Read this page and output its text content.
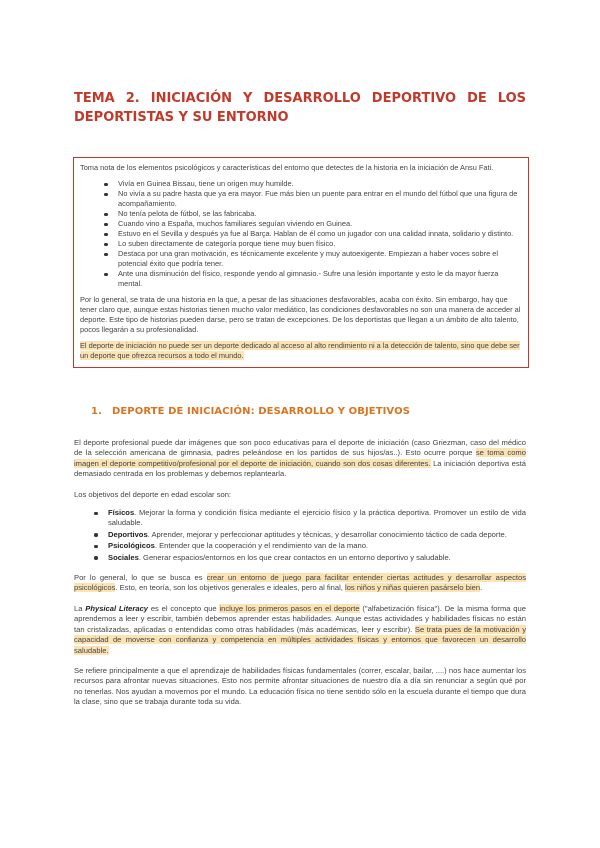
TEMA 2. INICIACIÓN Y DESARROLLO DEPORTIVO DE LOS DEPORTISTAS Y SU ENTORNO

Toma nota de los elementos psicológicos y características del entorno que detectes de la historia en la iniciación de Ansu Fati.

Vivía en Guinea Bissau, tiene un origen muy humilde.
No vivía a su padre hasta que ya era mayor. Fue más bien un puente para entrar en el mundo del fútbol que una figura de acompañamiento.
No tenía pelota de fútbol, se las fabricaba.
Cuando vino a España, muchos familiares seguían viviendo en Guinea.
Estuvo en el Sevilla y después ya fue al Barça. Hablan de él como un jugador con una calidad innata, solidario y distinto.
Lo suben directamente de categoría porque tiene muy buen físico.
Destaca por una gran motivación, es técnicamente excelente y muy autoexigente. Empiezan a haber voces sobre el potencial éxito que podría tener.
Ante una disminución del físico, responde yendo al gimnasio.- Sufre una lesión importante y esto le da mayor fuerza mental.

Por lo general, se trata de una historia en la que, a pesar de las situaciones desfavorables, acaba con éxito. Sin embargo, hay que tener claro que, aunque estas historias tienen mucho valor mediático, las condiciones desfavorables no son una manera de acceder al deporte. Este tipo de historias pueden darse, pero se tratan de excepciones. De los deportistas que llegan a un ámbito de alto talento, pocos llegarán a su profesionalidad.

El deporte de iniciación no puede ser un deporte dedicado al acceso al alto rendimiento ni a la detección de talento, sino que debe ser un deporte que ofrezca recursos a todo el mundo.

1. DEPORTE DE INICIACIÓN: DESARROLLO Y OBJETIVOS

El deporte profesional puede dar imágenes que son poco educativas para el deporte de iniciación (caso Griezman, caso del médico de la selección americana de gimnasia, padres peleándose en los partidos de sus hijos/as..). Esto ocurre porque se toma como imagen el deporte competitivo/profesional por el deporte de iniciación, cuando son dos cosas diferentes. La iniciación deportiva está demasiado centrada en los problemas y debemos replantearla.

Los objetivos del deporte en edad escolar son:

Físicos. Mejorar la forma y condición física mediante el ejercicio físico y la práctica deportiva. Promover un estilo de vida saludable.
Deportivos. Aprender, mejorar y perfeccionar aptitudes y técnicas, y desarrollar conocimiento táctico de cada deporte.
Psicológicos. Entender que la cooperación y el rendimiento van de la mano.
Sociales. Generar espacios/entornos en los que crear contactos en un entorno deportivo y saludable.

Por lo general, lo que se busca es crear un entorno de juego para facilitar entender ciertas actitudes y desarrollar aspectos psicológicos. Esto, en teoría, son los objetivos generales e ideales, pero al final, los niños y niñas quieren pasárselo bien.

La Physical Literacy es el concepto que incluye los primeros pasos en el deporte ("alfabetización física"). De la misma forma que aprendemos a leer y escribir, también debemos aprender estas habilidades. Aunque estas actividades y habilidades físicas no están tan cristalizadas, aplicadas o entendidas como otras habilidades (más académicas, leer y escribir). Se trata pues de la motivación y capacidad de moverse con confianza y competencia en múltiples actividades físicas y entornos que favorecen un desarrollo saludable.

Se refiere principalmente a que el aprendizaje de habilidades físicas fundamentales (correr, escalar, bailar, ....) nos hace aumentar los recursos para afrontar nuevas situaciones. Esto nos permite afrontar situaciones de nuestro día a día sin renunciar a según qué por no tenerlas. Nos ayudan a movernos por el mundo. La educación física no tiene sentido sólo en la escuela durante el tiempo que dura la clase, sino que se trabaja durante toda su vida.
